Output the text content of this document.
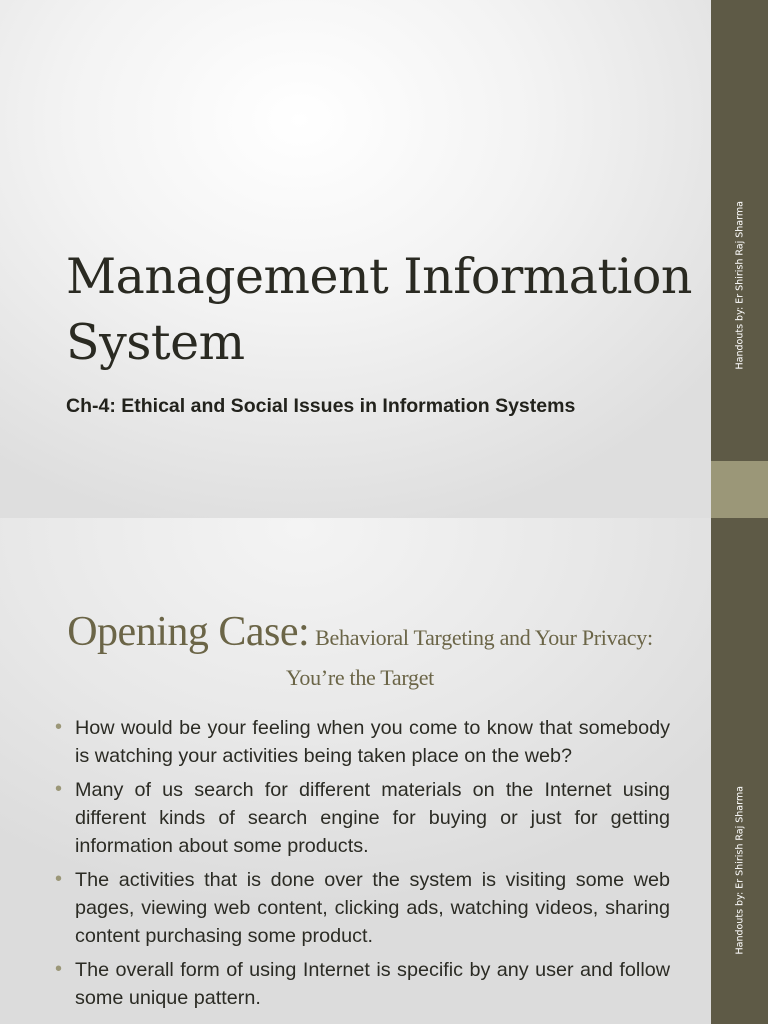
Handouts by: Er Shirish Raj Sharma
Management Information System
Ch-4: Ethical and Social Issues in Information Systems
Handouts by: Er Shirish Raj Sharma
Opening Case: Behavioral Targeting and Your Privacy: You’re the Target
• How would be your feeling when you come to know that somebody is watching your activities being taken place on the web?
• Many of us search for different materials on the Internet using different kinds of search engine for buying or just for getting information about some products.
• The activities that is done over the system is visiting some web pages, viewing web content, clicking ads, watching videos, sharing content purchasing some product.
• The overall form of using Internet is specific by any user and follow some unique pattern.
